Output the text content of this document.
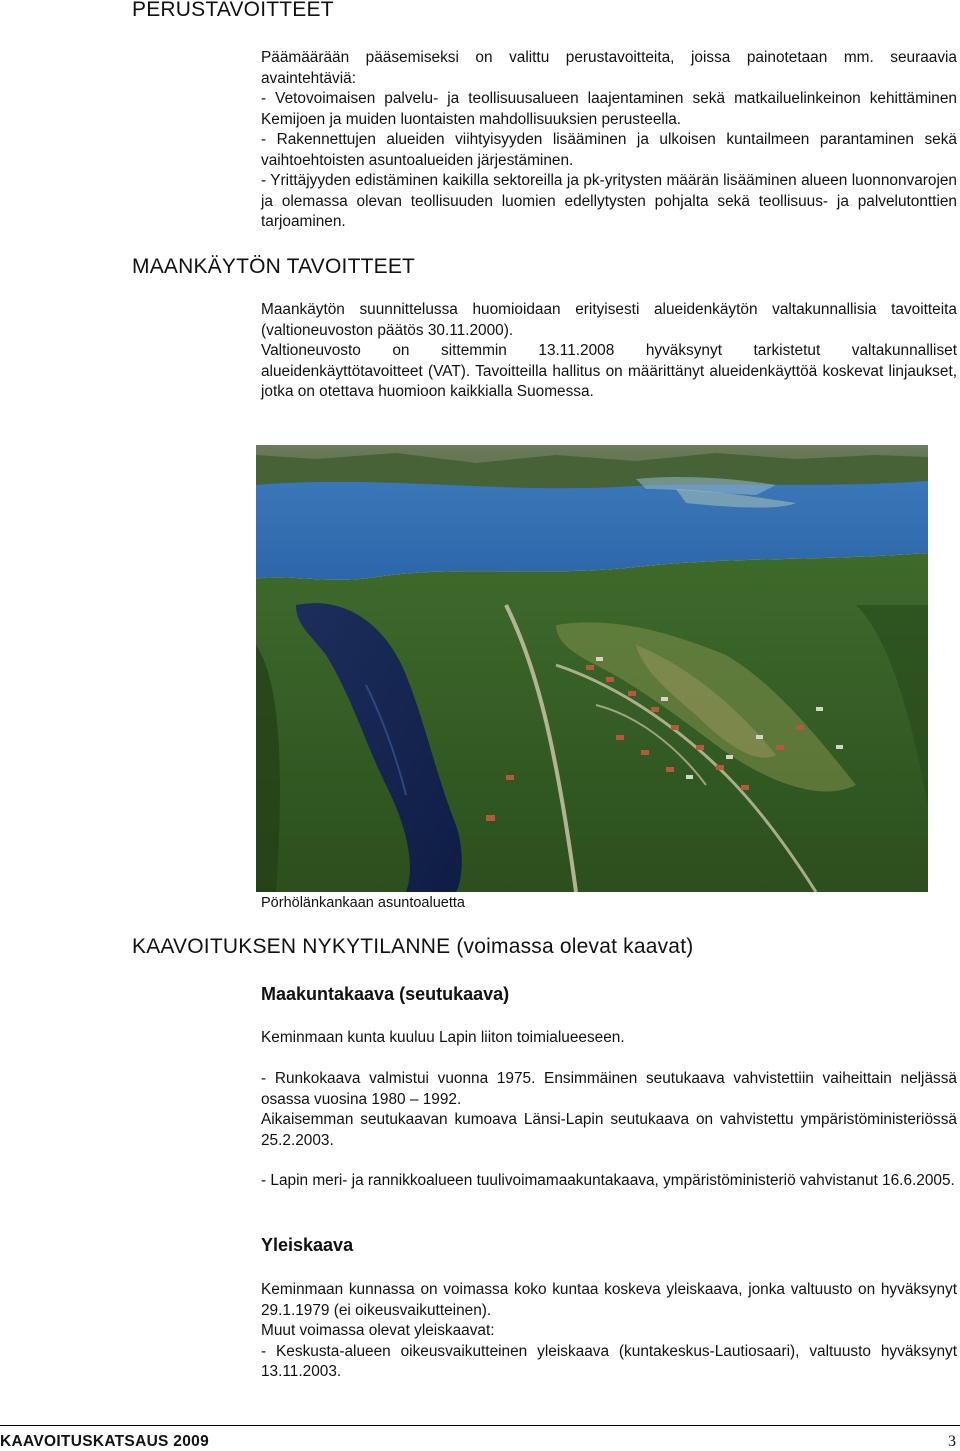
PERUSTAVOITTEET

Päämäärään pääsemiseksi on valittu perustavoitteita, joissa painotetaan mm. seuraavia avaintehtäviä:

- Vetovoimaisen palvelu- ja teollisuusalueen laajentaminen sekä matkailuelinkeinon kehittäminen Kemijoen ja muiden luontaisten mahdollisuuksien perusteella.

- Rakennettujen alueiden viihtyisyyden lisääminen ja ulkoisen kuntailmeen parantaminen sekä vaihtoehtoisten asuntoalueiden järjestäminen.

- Yrittäjyyden edistäminen kaikilla sektoreilla ja pk-yritysten määrän lisääminen alueen luonnonvarojen ja olemassa olevan teollisuuden luomien edellytysten pohjalta sekä teollisuus- ja palvelutonttien tarjoaminen.

MAANKÄYTÖN TAVOITTEET

Maankäytön suunnittelussa huomioidaan erityisesti alueidenkäytön valtakunnallisia tavoitteita (valtioneuvoston päätös 30.11.2000).

Valtioneuvosto on sittemmin 13.11.2008 hyväksynyt tarkistetut valtakunnalliset alueidenkäyttötavoitteet (VAT). Tavoitteilla hallitus on määrittänyt alueidenkäyttöä koskevat linjaukset, jotka on otettava huomioon kaikkialla Suomessa.

Pörhölänkankaan asuntoaluetta
KAAVOITUKSEN NYKYTILANNE (voimassa olevat kaavat)
Maakuntakaava (seutukaava)
Keminmaan kunta kuuluu Lapin liiton toimialueeseen.

- Runkokaava valmistui vuonna 1975. Ensimmäinen seutukaava vahvistettiin vaiheittain neljässä osassa vuosina 1980 – 1992.

Aikaisemman seutukaavan kumoava Länsi-Lapin seutukaava on vahvistettu ympäristöministeriössä 25.2.2003.

- Lapin meri- ja rannikkoalueen tuulivoimamaakuntakaava, ympäristöministeriö vahvistanut 16.6.2005.
Yleiskaava

Keminmaan kunnassa on voimassa koko kuntaa koskeva yleiskaava, jonka valtuusto on hyväksynyt 29.1.1979 (ei oikeusvaikutteinen).

Muut voimassa olevat yleiskaavat:

- Keskusta-alueen oikeusvaikutteinen yleiskaava (kuntakeskus-Lautiosaari), valtuusto hyväksynyt 13.11.2003.

KAAVOITUSKATSAUS 2009	3
